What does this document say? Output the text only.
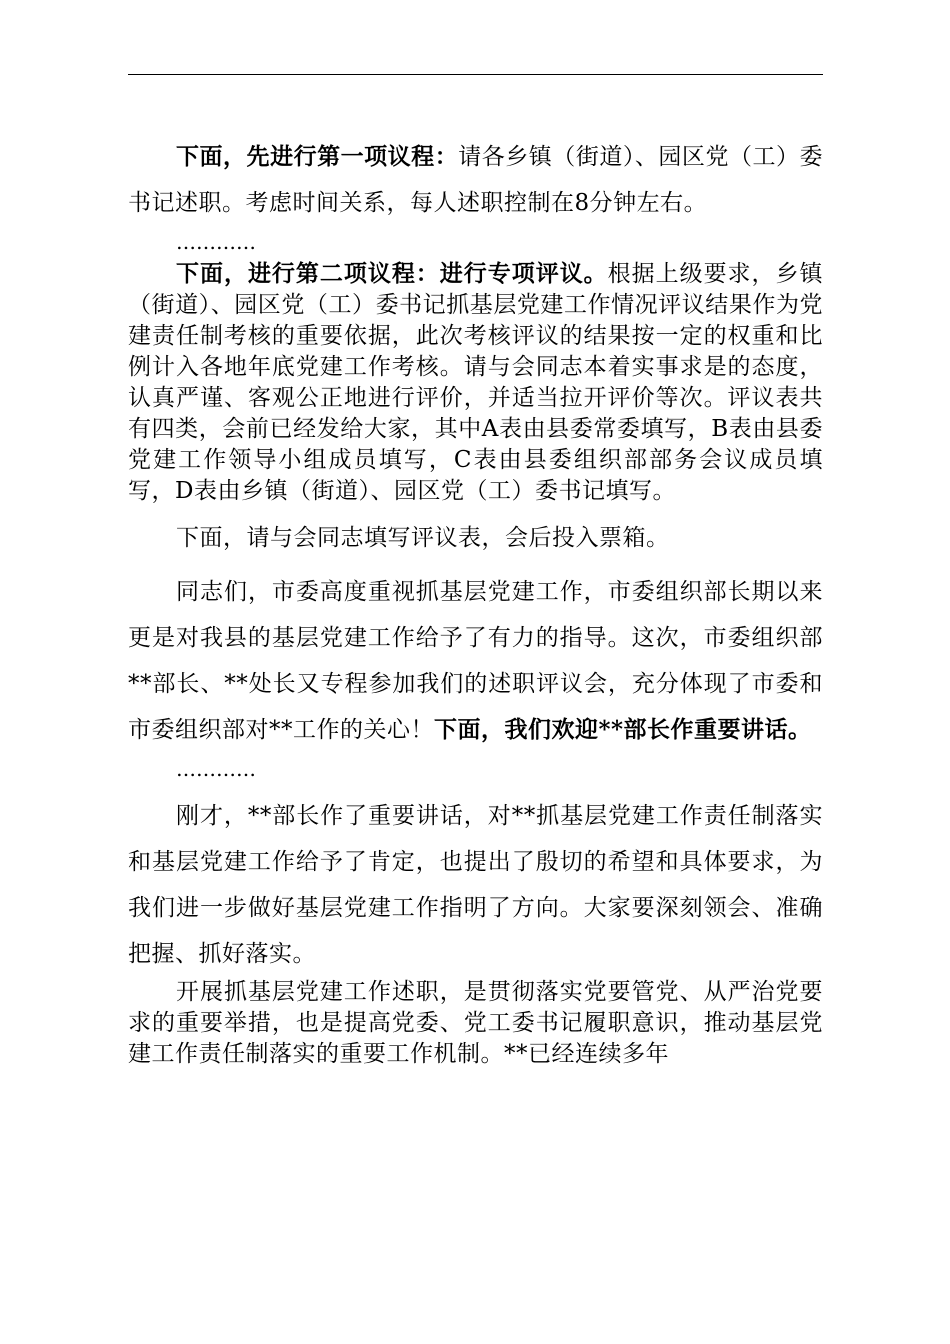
下面，先进行第一项议程：请各乡镇（街道）、园区党（工）委书记述职。考虑时间关系，每人述职控制在8分钟左右。

…………

下面，进行第二项议程：进行专项评议。根据上级要求，乡镇（街道）、园区党（工）委书记抓基层党建工作情况评议结果作为党建责任制考核的重要依据，此次考核评议的结果按一定的权重和比例计入各地年底党建工作考核。请与会同志本着实事求是的态度，认真严谨、客观公正地进行评价，并适当拉开评价等次。评议表共有四类，会前已经发给大家，其中A表由县委常委填写，B表由县委党建工作领导小组成员填写，C表由县委组织部部务会议成员填写，D表由乡镇（街道）、园区党（工）委书记填写。

下面，请与会同志填写评议表，会后投入票箱。

同志们，市委高度重视抓基层党建工作，市委组织部长期以来更是对我县的基层党建工作给予了有力的指导。这次，市委组织部**部长、**处长又专程参加我们的述职评议会，充分体现了市委和市委组织部对**工作的关心！下面，我们欢迎**部长作重要讲话。

…………

刚才，**部长作了重要讲话，对**抓基层党建工作责任制落实和基层党建工作给予了肯定，也提出了殷切的希望和具体要求，为我们进一步做好基层党建工作指明了方向。大家要深刻领会、准确把握、抓好落实。

开展抓基层党建工作述职，是贯彻落实党要管党、从严治党要求的重要举措，也是提高党委、党工委书记履职意识，推动基层党建工作责任制落实的重要工作机制。**已经连续多年
